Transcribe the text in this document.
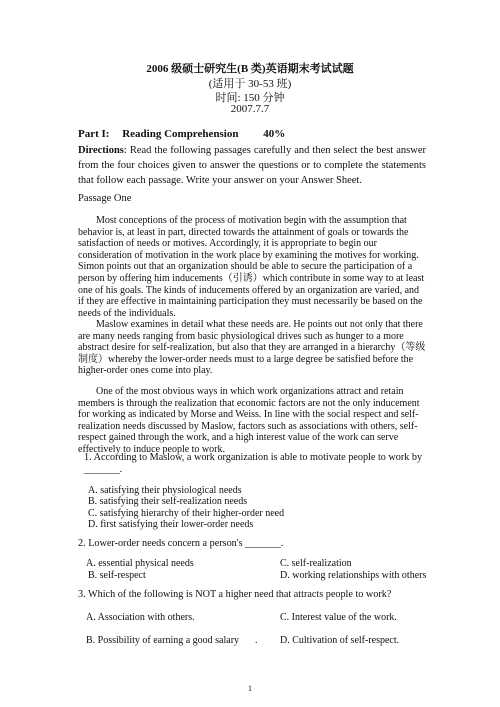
2006 级硕士研究生(B 类)英语期末考试试题
(适用于 30-53 班)
时间: 150 分钟
2007.7.7
Part I: Reading Comprehension 40%
Directions: Read the following passages carefully and then select the best answer from the four choices given to answer the questions or to complete the statements that follow each passage. Write your answer on your Answer Sheet.
Passage One
Most conceptions of the process of motivation begin with the assumption that behavior is, at least in part, directed towards the attainment of goals or towards the satisfaction of needs or motives. Accordingly, it is appropriate to begin our consideration of motivation in the work place by examining the motives for working. Simon points out that an organization should be able to secure the participation of a person by offering him inducements（引诱）which contribute in some way to at least one of his goals. The kinds of inducements offered by an organization are varied, and if they are effective in maintaining participation they must necessarily be based on the needs of the individuals.
Maslow examines in detail what these needs are. He points out not only that there are many needs ranging from basic physiological drives such as hunger to a more abstract desire for self-realization, but also that they are arranged in a hierarchy（等级制度）whereby the lower-order needs must to a large degree be satisfied before the higher-order ones come into play.
One of the most obvious ways in which work organizations attract and retain members is through the realization that economic factors are not the only inducement for working as indicated by Morse and Weiss. In line with the social respect and self-realization needs discussed by Maslow, factors such as associations with others, self-respect gained through the work, and a high interest value of the work can serve effectively to induce people to work.
1. According to Maslow, a work organization is able to motivate people to work by _______.
A. satisfying their physiological needs
B. satisfying their self-realization needs
C. satisfying hierarchy of their higher-order need
D. first satisfying their lower-order needs
2. Lower-order needs concern a person's _______.
A. essential physical needs
B. self-respect
C. self-realization
D. working relationships with others
3. Which of the following is NOT a higher need that attracts people to work?
A. Association with others.	C. Interest value of the work.
B. Possibility of earning a good salary . D. Cultivation of self-respect.
1
